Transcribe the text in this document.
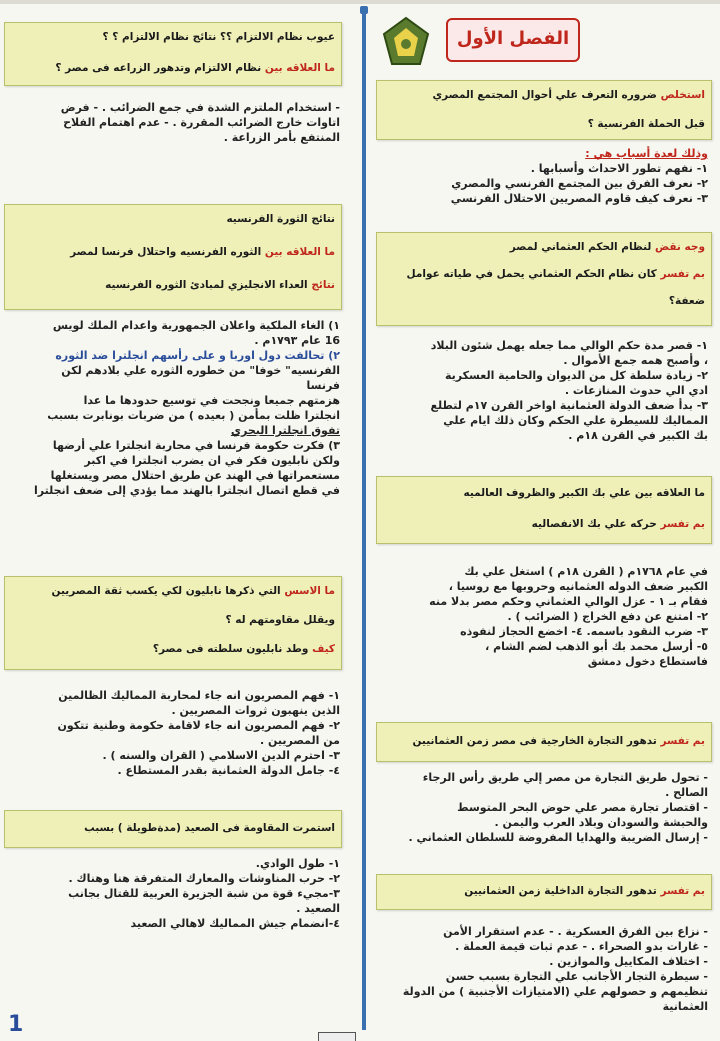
الفصل الأول
استخلص ضروره التعرف علي أحوال المجتمع المصري
قبل الحملة الفرنسية ؟
وذلك لعدة أسباب هي :
١- نفهم تطور الاحداث وأسبابها .
٢- نعرف الفرق بين المجتمع الفرنسي والمصري
٣- نعرف كيف قاوم المصريين الاحتلال الفرنسي
وجه نقض لنظام الحكم العثماني لمصر
بم تفسر كان نظام الحكم العثماني يحمل في طياته عوامل
ضعفة؟
١- قصر مدة حكم الوالي مما جعله يهمل شئون البلاد
، وأصبح همه جمع الأموال .
٢- زيادة سلطة كل من الديوان والحامية العسكرية
ادي الي حدوث المنازعات .
٣- بدأ ضعف الدولة العثمانية اواخر القرن ١٧م لتطلع
المماليك للسيطرة علي الحكم وكان ذلك ايام علي
بك الكبير في القرن ١٨م .
ما العلاقه بين علي بك الكبير والظروف العالميه
بم تفسر حركه علي بك الانفصاليه
في عام ١٧٦٨م ( القرن ١٨م ) استغل علي بك
الكبير ضعف الدوله العثمانيه وحروبها مع روسيا ،
فقام بـ ١ - عزل الوالي العثماني وحكم مصر بدلا منه
٢- امتنع عن دفع الخراج ( الضرائب ) .
٣- ضرب النقود باسمه. ٤- اخضع الحجاز لنفوذه
٥- أرسل محمد بك أبو الذهب لضم الشام ،
فاستطاع دخول دمشق
بم تفسر تدهور التجارة الخارجية فى مصر زمن العثمانيين
- تحول طريق التجارة من مصر إلي طريق رأس الرجاء
الصالح .
- اقتصار تجارة مصر علي حوض البحر المتوسط
والحبشة والسودان وبلاد العرب واليمن .
- إرسال الضريبة والهدايا المفروضة للسلطان العثماني .
بم تفسر تدهور التجارة الداخلية زمن العثمانيين
- نزاع بين الفرق العسكرية . - عدم استقرار الأمن
- غارات بدو الصحراء . - عدم ثبات قيمة العملة .
- اختلاف المكاييل والموازين .
- سيطرة التجار الأجانب علي التجارة بسبب حسن
تنظيمهم و حصولهم علي (الامتيازات الأجنبية ) من الدولة
العثمانية
عيوب نظام الالتزام ؟؟ نتائج نظام الالتزام ؟ ؟
ما العلاقه بين نظام الالتزام وتدهور الزراعه فى مصر ؟
- استخدام الملتزم الشدة في جمع الضرائب . - فرض
اتاوات خارج الضرائب المقررة . - عدم اهتمام الفلاح
المنتفع بأمر الزراعة .
نتائج الثورة الفرنسيه
ما العلاقه بين الثوره الفرنسيه واحتلال فرنسا لمصر
نتائج العداء الانجليزي لمبادئ الثوره الفرنسيه
١) الغاء الملكية واعلان الجمهورية واعدام الملك لويس
16 عام ١٧٩٣م .
٢) تحالفت دول اوربا و على رأسهم انجلترا ضد الثوره
الفرنسيه" خوفا" من خطوره الثوره علي بلادهم لكن
فرنسا
هزمتهم جميعا ونجحت في توسيع حدودها ما عدا
انجلترا ظلت بمأمن ( بعيده ) من ضربات بونابرت بسبب
تفوق انجلترا البحري
٣) فكرت حكومة فرنسا في محاربة انجلترا علي أرضها
ولكن نابليون فكر في ان يضرب انجلترا في اكبر
مستعمراتها في الهند عن طريق احتلال مصر ويستغلها
في قطع اتصال انجلترا بالهند مما يؤدي إلى ضعف انجلترا
ما الاسس التي ذكرها نابليون لكي يكسب ثقة المصريين
ويقلل مقاومتهم له ؟
كيف وطد نابليون سلطته فى مصر؟
١- فهم المصريون انه جاء لمحاربة المماليك الظالمين
الذين ينهبون ثروات المصريين .
٢- فهم المصريون انه جاء لاقامة حكومة وطنية تتكون
من المصريين .
٣- احترم الدين الاسلامي ( القران والسنه ) .
٤- جامل الدولة العثمانية بقدر المستطاع .
استمرت المقاومة فى الصعيد (مدةطويلة ) بسبب
١- طول الوادي.
٢- حرب المناوشات والمعارك المتفرقة هنا وهناك .
٣-مجيء قوة من شبة الجزيرة العربية للقتال بجانب
الصعيد .
٤-انضمام جيش المماليك لاهالي الصعيد
1
